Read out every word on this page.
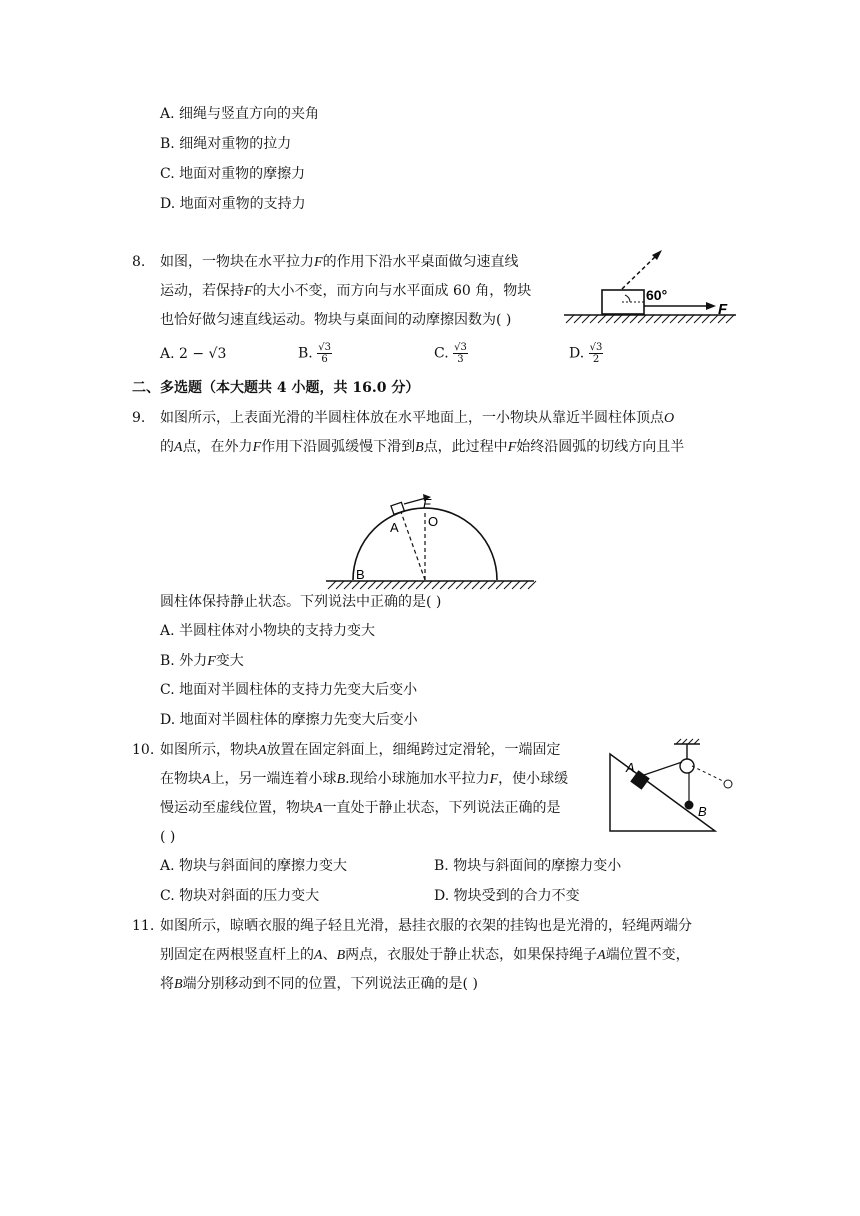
A. 细绳与竖直方向的夹角
B. 细绳对重物的拉力
C. 地面对重物的摩擦力
D. 地面对重物的支持力
8. 如图，一物块在水平拉力F的作用下沿水平桌面做匀速直线
运动，若保持F的大小不变，而方向与水平面成 60 角，物块
也恰好做匀速直线运动。物块与桌面间的动摩擦因数为( )
60°
F
A. 2 − √3	B. $\frac{√3}{6}$	C. $\frac{√3}{3}$	D. $\frac{√3}{2}$
二、多选题（本大题共 4 小题，共 16.0 分）
9. 如图所示，上表面光滑的半圆柱体放在水平地面上，一小物块从靠近半圆柱体顶点O
的A点，在外力F作用下沿圆弧缓慢下滑到B点，此过程中F始终沿圆弧的切线方向且半
F
A O
B
圆柱体保持静止状态。下列说法中正确的是( )
A. 半圆柱体对小物块的支持力变大
B. 外力F变大
C. 地面对半圆柱体的支持力先变大后变小
D. 地面对半圆柱体的摩擦力先变大后变小
10. 如图所示，物块A放置在固定斜面上，细绳跨过定滑轮，一端固定
在物块A上，另一端连着小球B.现给小球施加水平拉力F，使小球缓
慢运动至虚线位置，物块A一直处于静止状态，下列说法正确的是
( )
A
B
A. 物块与斜面间的摩擦力变大	B. 物块与斜面间的摩擦力变小
C. 物块对斜面的压力变大	D. 物块受到的合力不变
11. 如图所示，晾晒衣服的绳子轻且光滑，悬挂衣服的衣架的挂钩也是光滑的，轻绳两端分
别固定在两根竖直杆上的A、B两点，衣服处于静止状态，如果保持绳子A端位置不变，
将B端分别移动到不同的位置，下列说法正确的是( )
